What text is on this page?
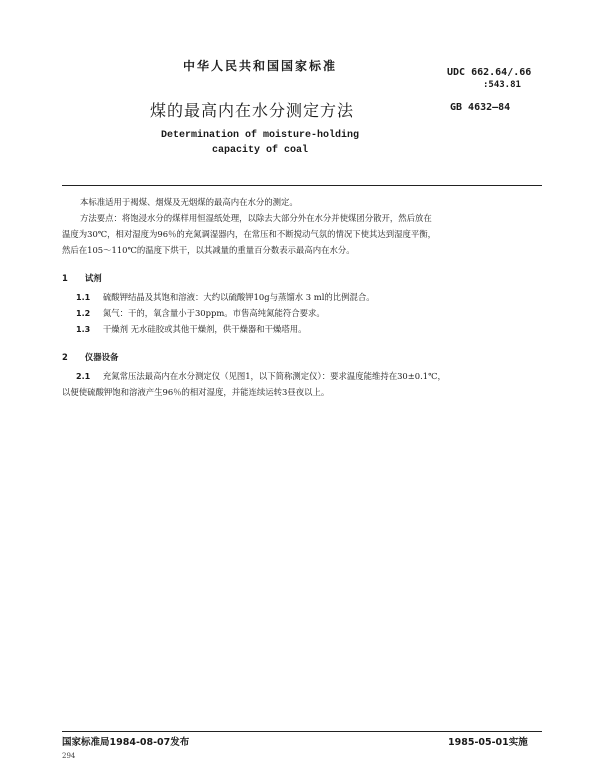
中华人民共和国国家标准	UDC 662.64/.66
:543.81
煤的最高内在水分测定方法	GB 4632—84
Determination of moisture-holding
capacity of coal
本标准适用于褐煤、烟煤及无烟煤的最高内在水分的测定。
方法要点：将饱浸水分的煤样用恒湿纸处理，以除去大部分外在水分并使煤团分散开，然后放在
温度为30℃，相对湿度为96％的充氮调湿器内，在常压和不断搅动气氛的情况下使其达到湿度平衡，
然后在105～110℃的温度下烘干，以其减量的重量百分数表示最高内在水分。
1 试剂
1.1 硫酸钾结晶及其饱和溶液：大约以硫酸钾10g与蒸馏水 3 ml的比例混合。
1.2 氮气：干的，氧含量小于30ppm。市售高纯氮能符合要求。
1.3 干燥剂 无水硅胶或其他干燥剂，供干燥器和干燥塔用。
2 仪器设备
2.1 充氮常压法最高内在水分测定仪（见图1，以下简称测定仪）：要求温度能维持在30±0.1℃，
以便使硫酸钾饱和溶液产生96％的相对湿度，并能连续运转3昼夜以上。
国家标准局1984-08-07发布	1985-05-01实施
294
